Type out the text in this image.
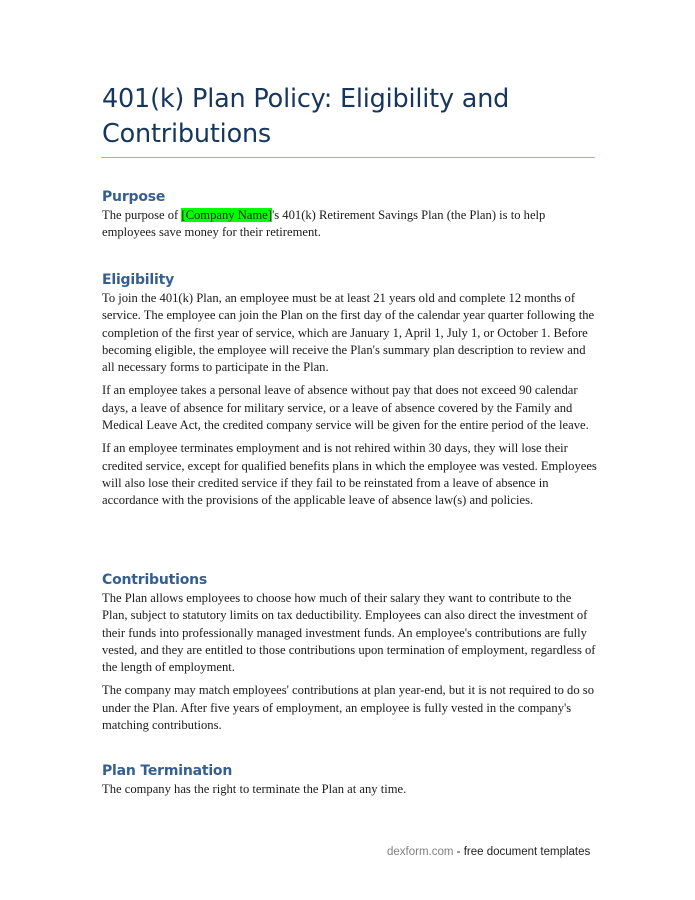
401(k) Plan Policy: Eligibility and Contributions
Purpose

The purpose of [Company Name]'s 401(k) Retirement Savings Plan (the Plan) is to help employees save money for their retirement.

Eligibility

To join the 401(k) Plan, an employee must be at least 21 years old and complete 12 months of service. The employee can join the Plan on the first day of the calendar year quarter following the completion of the first year of service, which are January 1, April 1, July 1, or October 1. Before becoming eligible, the employee will receive the Plan's summary plan description to review and all necessary forms to participate in the Plan.

If an employee takes a personal leave of absence without pay that does not exceed 90 calendar days, a leave of absence for military service, or a leave of absence covered by the Family and Medical Leave Act, the credited company service will be given for the entire period of the leave.

If an employee terminates employment and is not rehired within 30 days, they will lose their credited service, except for qualified benefits plans in which the employee was vested. Employees will also lose their credited service if they fail to be reinstated from a leave of absence in accordance with the provisions of the applicable leave of absence law(s) and policies.

Contributions

The Plan allows employees to choose how much of their salary they want to contribute to the Plan, subject to statutory limits on tax deductibility. Employees can also direct the investment of their funds into professionally managed investment funds. An employee's contributions are fully vested, and they are entitled to those contributions upon termination of employment, regardless of the length of employment.

The company may match employees' contributions at plan year-end, but it is not required to do so under the Plan. After five years of employment, an employee is fully vested in the company's matching contributions.

Plan Termination

The company has the right to terminate the Plan at any time.

dexform.com - free document templates
